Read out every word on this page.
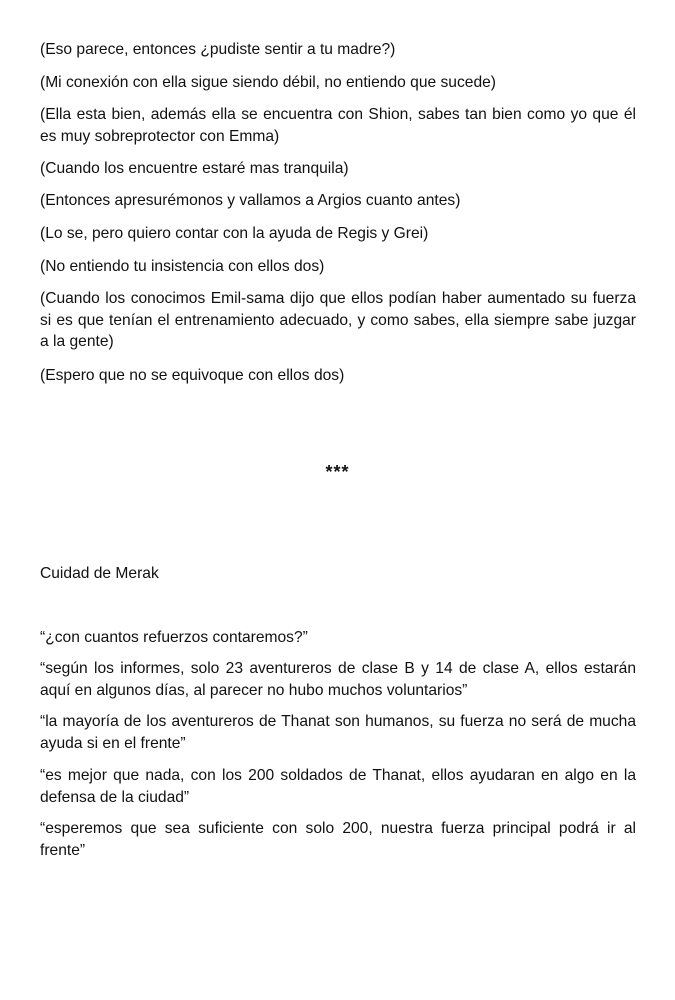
(Eso parece, entonces ¿pudiste sentir a tu madre?)

(Mi conexión con ella sigue siendo débil, no entiendo que sucede)

(Ella esta bien, además ella se encuentra con Shion, sabes tan bien como yo que él es muy sobreprotector con Emma)

(Cuando los encuentre estaré mas tranquila)

(Entonces apresurémonos y vallamos a Argios cuanto antes)

(Lo se, pero quiero contar con la ayuda de Regis y Grei)

(No entiendo tu insistencia con ellos dos)

(Cuando los conocimos Emil-sama dijo que ellos podían haber aumentado su fuerza si es que tenían el entrenamiento adecuado, y como sabes, ella siempre sabe juzgar a la gente)

(Espero que no se equivoque con ellos dos)

***

Cuidad de Merak

“¿con cuantos refuerzos contaremos?”

“según los informes, solo 23 aventureros de clase B y 14 de clase A, ellos estarán aquí en algunos días, al parecer no hubo muchos voluntarios”

“la mayoría de los aventureros de Thanat son humanos, su fuerza no será de mucha ayuda si en el frente”

“es mejor que nada, con los 200 soldados de Thanat, ellos ayudaran en algo en la defensa de la ciudad”

“esperemos que sea suficiente con solo 200, nuestra fuerza principal podrá ir al frente”
